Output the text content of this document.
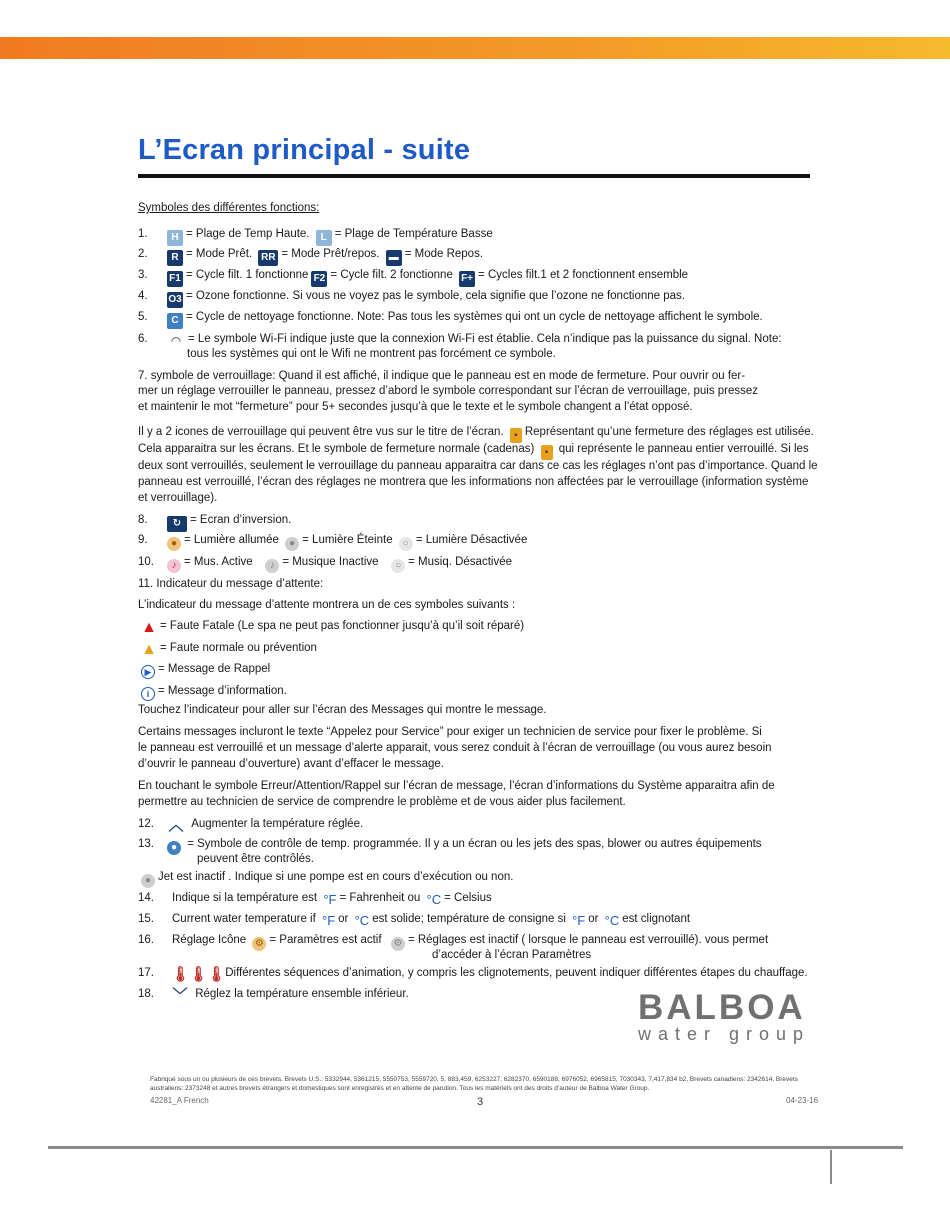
L’Ecran principal - suite
Symboles des différentes fonctions:
1. H = Plage de Temp Haute. L = Plage de Température Basse
2. R = Mode Prêt. RR = Mode Prêt/repos. ▬ = Mode Repos.
3. F1 = Cycle filt. 1 fonctionne F2 = Cycle filt. 2 fonctionne F+ = Cycles filt.1 et 2 fonctionnent ensemble
4. O3 = Ozone fonctionne. Si vous ne voyez pas le symbole, cela signifie que l’ozone ne fonctionne pas.
5. C = Cycle de nettoyage fonctionne. Note: Pas tous les systèmes qui ont un cycle de nettoyage affichent le symbole.
6. ◠ = Le symbole Wi-Fi indique juste que la connexion Wi-Fi est établie. Cela n’indique pas la puissance du signal. Note:
tous les systèmes qui ont le Wifi ne montrent pas forcément ce symbole.
7. symbole de verrouillage: Quand il est affiché, il indique que le panneau est en mode de fermeture. Pour ouvrir ou fer-
mer un réglage verrouiller le panneau, pressez d’abord le symbole correspondant sur l’écran de verrouillage, puis pressez
et maintenir le mot “fermeture” pour 5+ secondes jusqu’à que le texte et le symbole changent a l’état opposé.
Il y a 2 icones de verrouillage qui peuvent être vus sur le titre de l’écran. ▪ Représentant qu’une fermeture des réglages est utilisée.
Cela apparaitra sur les écrans. Et le symbole de fermeture normale (cadenas) ▪ qui représente le panneau entier verrouillé. Si les
deux sont verrouillés, seulement le verrouillage du panneau apparaitra car dans ce cas les réglages n’ont pas d’importance. Quand le
panneau est verrouillé, l’écran des réglages ne montrera que les informations non affectées par le verrouillage (information système
et verrouillage).
8.	↻ = Ecran d’inversion.
9. ● = Lumière allumée ● = Lumière Éteinte ○ = Lumière Désactivée
10. ♪ = Mus. Active ♪ = Musique Inactive ○ = Musiq. Désactivée
11. Indicateur du message d’attente:
L’indicateur du message d’attente montrera un de ces symboles suivants :
▲ = Faute Fatale (Le spa ne peut pas fonctionner jusqu’à qu’il soit réparé)
▲ = Faute normale ou prévention
▶ = Message de Rappel
i = Message d’information.
Touchez l’indicateur pour aller sur l’écran des Messages qui montre le message.
Certains messages incluront le texte “Appelez pour Service” pour exiger un technicien de service pour fixer le problème. Si
le panneau est verrouillé et un message d’alerte apparait, vous serez conduit à l’écran de verrouillage (ou vous aurez besoin
d’ouvrir le panneau d’ouverture) avant d’effacer le message.
En touchant le symbole Erreur/Attention/Rappel sur l’écran de message, l’écran d’informations du Système apparaitra afin de
permettre au technicien de service de comprendre le problème et de vous aider plus facilement.
12. ︿ Augmenter la température réglée.
13. ● = Symbole de contrôle de temp. programmée. Il y a un écran ou les jets des spas, blower ou autres équipements
peuvent être contrôlés.
● Jet est inactif . Indique si une pompe est en cours d’exécution ou non.
14. Indique si la température est °F = Fahrenheit ou °C = Celsius
15. Current water temperature if °F or °C est solide; température de consigne si °F or °C est clignotant
16. Réglage Icône ⚙ = Paramètres est actif ⚙ = Réglages est inactif ( lorsque le panneau est verrouillé). vous permet
d’accéder à l’écran Paramètres
17. 🌡🌡🌡 Différentes séquences d’animation, y compris les clignotements, peuvent indiquer différentes étapes du chauffage.
18. ﹀ Réglez la température ensemble inférieur.	BALBOA
water group
Fabriqué sous un ou plusieurs de ces brevets. Brevets U.S.: 5332944, 5361215, 5550753, 5559720, 5, 883,459, 6253227, 6282370, 6590188, 6976052, 6965815, 7030343, 7,417,834 b2, Brevets canadiens: 2342614, Brevets australiens: 2373248 et autres brevets étrangers et domestiques sont enregistrés et en attente de parution. Tous les matériels ont des droits d’auteur de Balboa Water Group.
42281_A French	3	04-23-16
